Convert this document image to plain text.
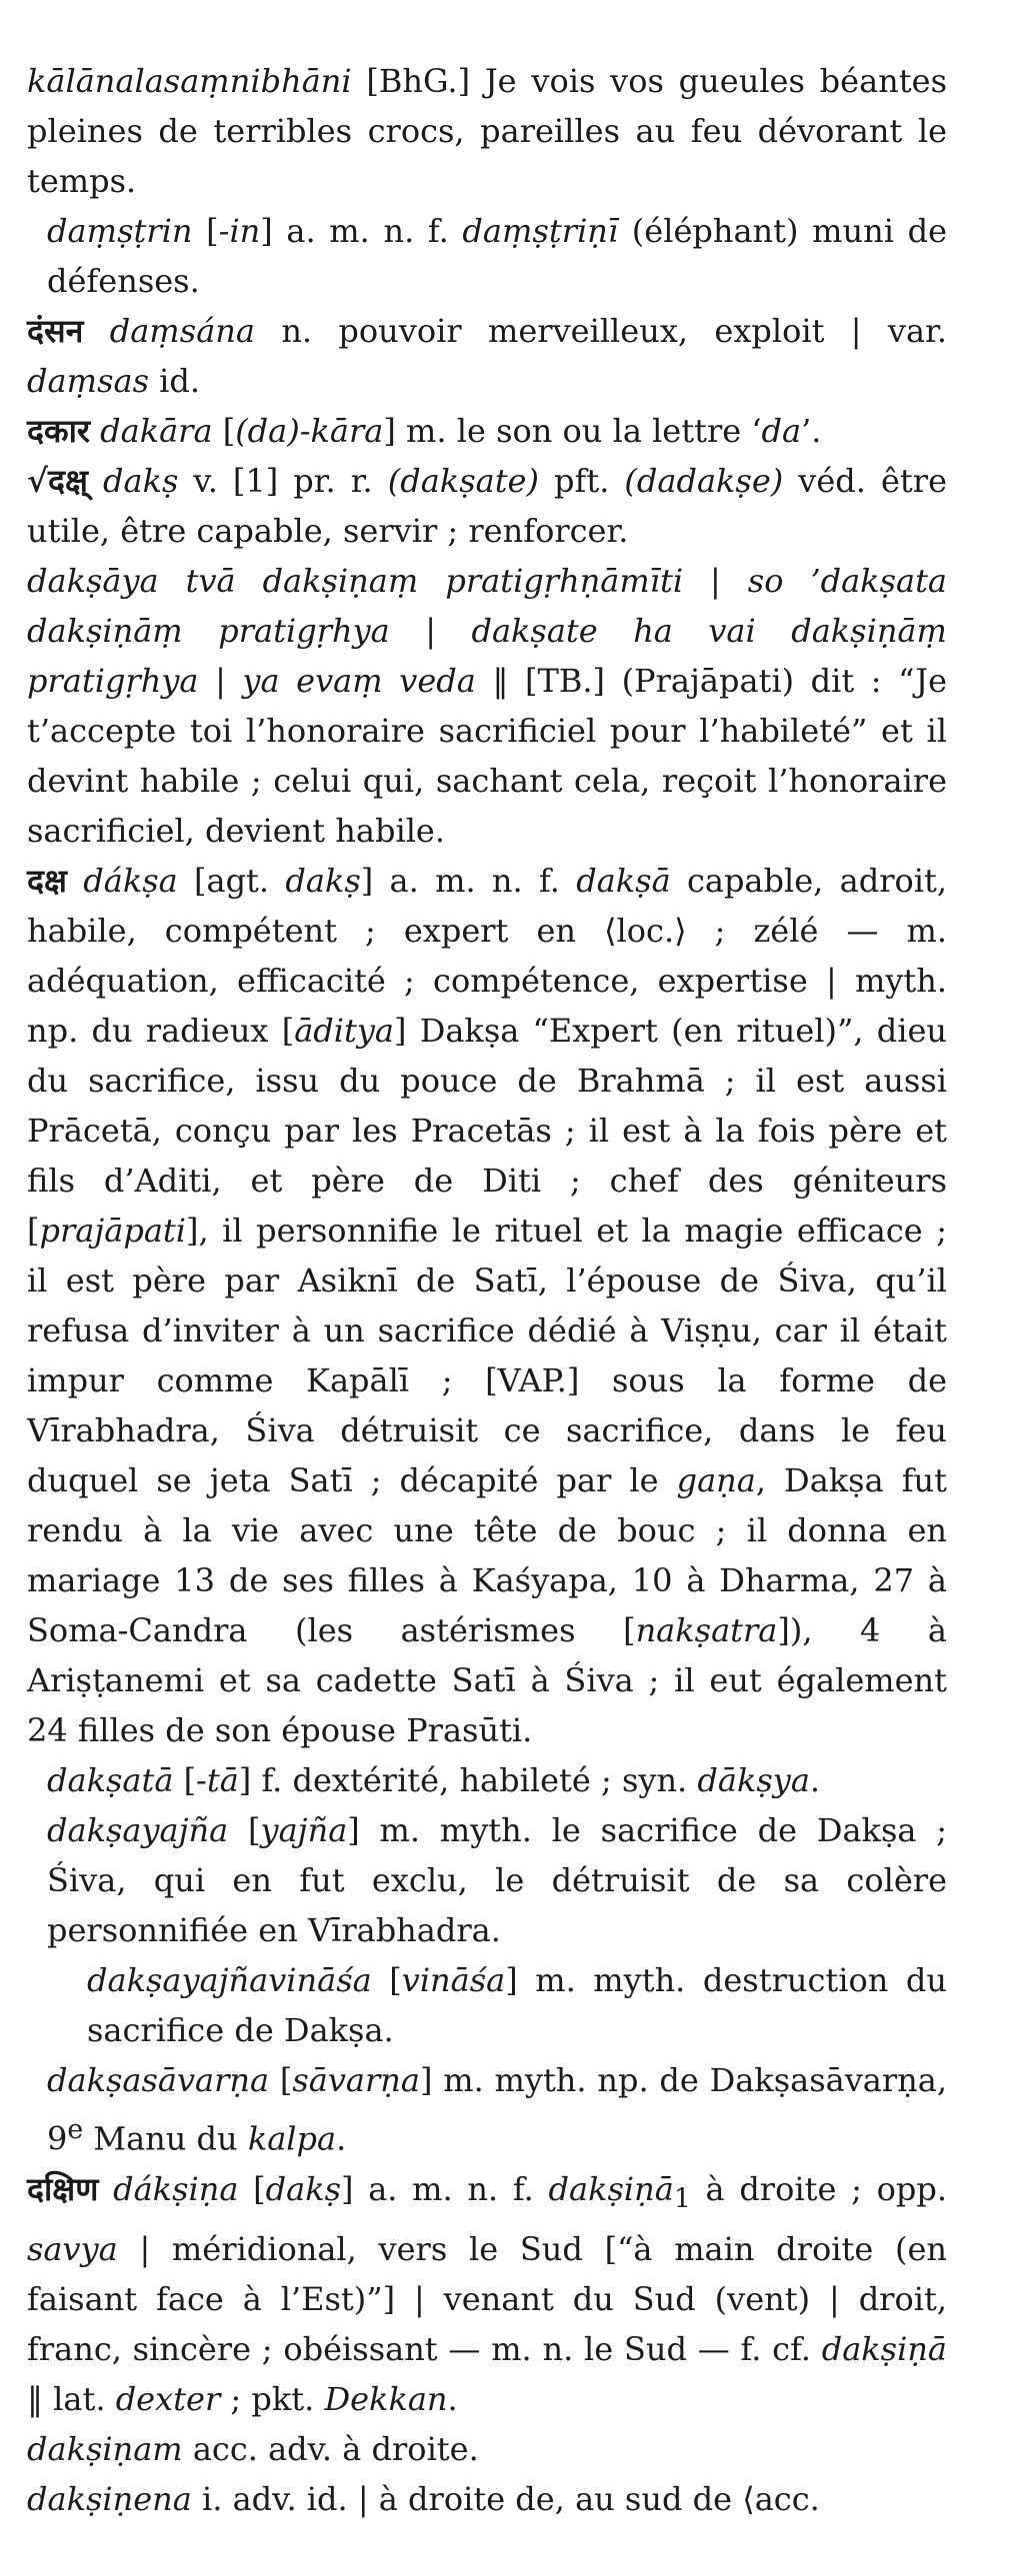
kālānalasaṃnibhāni [BhG.] Je vois vos gueules béantes pleines de terribles crocs, pareilles au feu dévorant le temps.

daṃṣṭrin [-in] a. m. n. f. daṃṣṭriṇī (éléphant) muni de défenses.

दंसन daṃsána n. pouvoir merveilleux, exploit | var. daṃsas id.

दकार dakāra [(da)-kāra] m. le son ou la lettre ‘da’.

√दक्ष् dakṣ v. [1] pr. r. (dakṣate) pft. (dadakṣe) véd. être utile, être capable, servir ; renforcer.

dakṣāya tvā dakṣiṇaṃ pratigṛhṇāmīti | so ’dakṣata dakṣiṇāṃ pratigṛhya | dakṣate ha vai dakṣiṇāṃ pratigṛhya | ya evaṃ veda ‖ [TB.] (Prajāpati) dit : “Je t’accepte toi l’honoraire sacrificiel pour l’habileté” et il devint habile ; celui qui, sachant cela, reçoit l’honoraire sacrificiel, devient habile.

दक्ष dákṣa [agt. dakṣ] a. m. n. f. dakṣā capable, adroit, habile, compétent ; expert en ⟨loc.⟩ ; zélé — m. adéquation, efficacité ; compétence, expertise | myth. np. du radieux [āditya] Dakṣa “Expert (en rituel)”, dieu du sacrifice, issu du pouce de Brahmā ; il est aussi Prācetā, conçu par les Pracetās ; il est à la fois père et fils d’Aditi, et père de Diti ; chef des géniteurs [prajāpati], il personnifie le rituel et la magie efficace ; il est père par Asiknī de Satī, l’épouse de Śiva, qu’il refusa d’inviter à un sacrifice dédié à Viṣṇu, car il était impur comme Kapālī ; [VAP.] sous la forme de Vīrabhadra, Śiva détruisit ce sacrifice, dans le feu duquel se jeta Satī ; décapité par le gaṇa, Dakṣa fut rendu à la vie avec une tête de bouc ; il donna en mariage 13 de ses filles à Kaśyapa, 10 à Dharma, 27 à Soma-Candra (les astérismes [nakṣatra]), 4 à Ariṣṭanemi et sa cadette Satī à Śiva ; il eut également 24 filles de son épouse Prasūti.

dakṣatā [-tā] f. dextérité, habileté ; syn. dākṣya.

dakṣayajña [yajña] m. myth. le sacrifice de Dakṣa ; Śiva, qui en fut exclu, le détruisit de sa colère personnifiée en Vīrabhadra.

dakṣayajñavināśa [vināśa] m. myth. destruction du sacrifice de Dakṣa.

dakṣasāvarṇa [sāvarṇa] m. myth. np. de Dakṣasāvarṇa, 9e Manu du kalpa.

दक्षिण dákṣiṇa [dakṣ] a. m. n. f. dakṣiṇā$_1$ à droite ; opp. savya | méridional, vers le Sud [“à main droite (en faisant face à l’Est)”] | venant du Sud (vent) | droit, franc, sincère ; obéissant — m. n. le Sud — f. cf. dakṣiṇā ‖ lat. dexter ; pkt. Dekkan.

dakṣiṇam acc. adv. à droite.

dakṣiṇena i. adv. id. | à droite de, au sud de ⟨acc.
